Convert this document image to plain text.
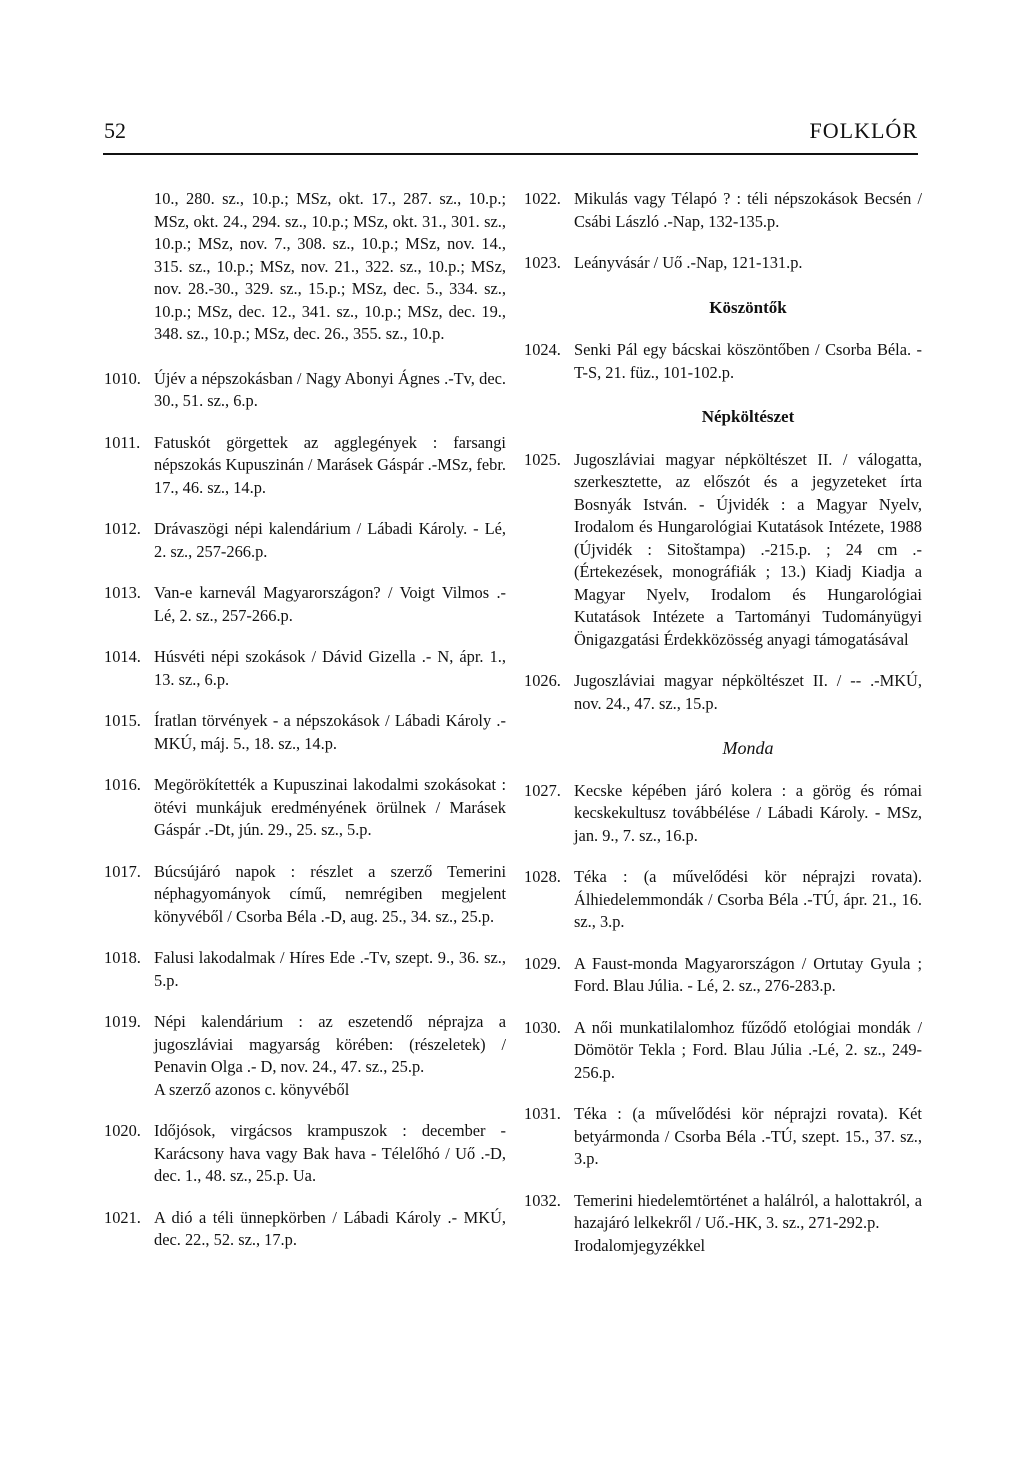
52	FOLKLÓR
10., 280. sz., 10.p.; MSz, okt. 17., 287. sz., 10.p.; MSz, okt. 24., 294. sz., 10.p.; MSz, okt. 31., 301. sz., 10.p.; MSz, nov. 7., 308. sz., 10.p.; MSz, nov. 14., 315. sz., 10.p.; MSz, nov. 21., 322. sz., 10.p.; MSz, nov. 28.-30., 329. sz., 15.p.; MSz, dec. 5., 334. sz., 10.p.; MSz, dec. 12., 341. sz., 10.p.; MSz, dec. 19., 348. sz., 10.p.; MSz, dec. 26., 355. sz., 10.p.
1010. Újév a népszokásban / Nagy Abonyi Ágnes .-Tv, dec. 30., 51. sz., 6.p.
1011. Fatuskót görgettek az agglegények : farsangi népszokás Kupuszinán / Marásek Gáspár .-MSz, febr. 17., 46. sz., 14.p.
1012. Drávaszögi népi kalendárium / Lábadi Károly. - Lé, 2. sz., 257-266.p.
1013. Van-e karnevál Magyarországon? / Voigt Vilmos .-Lé, 2. sz., 257-266.p.
1014. Húsvéti népi szokások / Dávid Gizella .- N, ápr. 1., 13. sz., 6.p.
1015. Íratlan törvények - a népszokások / Lábadi Károly .-MKÚ, máj. 5., 18. sz., 14.p.
1016. Megörökítették a Kupuszinai lakodalmi szokásokat : ötévi munkájuk eredményének örülnek / Marásek Gáspár .-Dt, jún. 29., 25. sz., 5.p.
1017. Búcsújáró napok : részlet a szerző Temerini néphagyományok című, nemrégiben megjelent könyvéből / Csorba Béla .-D, aug. 25., 34. sz., 25.p.
1018. Falusi lakodalmak / Híres Ede .-Tv, szept. 9., 36. sz., 5.p.
1019. Népi kalendárium : az eszetendő néprajza a jugoszláviai magyarság körében: (részeletek) / Penavin Olga .- D, nov. 24., 47. sz., 25.p.
A szerző azonos c. könyvéből
1020. Időjósok, virgácsos krampuszok : december - Karácsony hava vagy Bak hava - Télelőhó / Uő .-D, dec. 1., 48. sz., 25.p. Ua.
1021. A dió a téli ünnepkörben / Lábadi Károly .- MKÚ, dec. 22., 52. sz., 17.p.
1022. Mikulás vagy Télapó ? : téli népszokások Becsén / Csábi László .-Nap, 132-135.p.
1023. Leányvásár / Uő .-Nap, 121-131.p.
Köszöntők
1024. Senki Pál egy bácskai köszöntőben / Csorba Béla. - T-S, 21. füz., 101-102.p.
Népköltészet
1025. Jugoszláviai magyar népköltészet II. / válogatta, szerkesztette, az előszót és a jegyzeteket írta Bosnyák István. - Újvidék : a Magyar Nyelv, Irodalom és Hungarológiai Kutatások Intézete, 1988 (Újvidék : Sitoštampa) .-215.p. ; 24 cm .-(Értekezések, monográfiák ; 13.) Kiadj Kiadja a Magyar Nyelv, Irodalom és Hungarológiai Kutatások Intézete a Tartományi Tudományügyi Önigazgatási Érdekközösség anyagi támogatásával
1026. Jugoszláviai magyar népköltészet II. / -- .-MKÚ, nov. 24., 47. sz., 15.p.
Monda
1027. Kecske képében járó kolera : a görög és római kecskekultusz továbbélése / Lábadi Károly. - MSz, jan. 9., 7. sz., 16.p.
1028. Téka : (a művelődési kör néprajzi rovata). Álhiedelemmondák / Csorba Béla .-TÚ, ápr. 21., 16. sz., 3.p.
1029. A Faust-monda Magyarországon / Ortutay Gyula ; Ford. Blau Júlia. - Lé, 2. sz., 276-283.p.
1030. A női munkatilalomhoz fűződő etológiai mondák / Dömötör Tekla ; Ford. Blau Júlia .-Lé, 2. sz., 249-256.p.
1031. Téka : (a művelődési kör néprajzi rovata). Két betyármonda / Csorba Béla .-TÚ, szept. 15., 37. sz., 3.p.
1032. Temerini hiedelemtörténet a halálról, a halottakról, a hazajáró lelkekről / Uő.-HK, 3. sz., 271-292.p.
Irodalomjegyzékkel
